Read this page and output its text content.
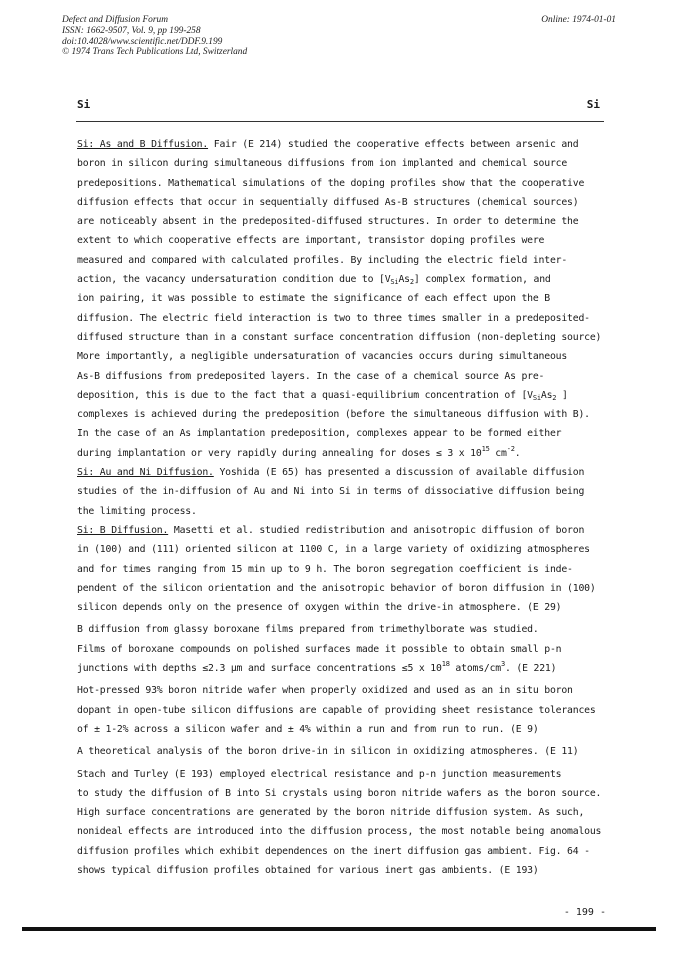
Defect and Diffusion Forum
ISSN: 1662-9507, Vol. 9, pp 199-258
doi:10.4028/www.scientific.net/DDF.9.199
© 1974 Trans Tech Publications Ltd, Switzerland
Online: 1974-01-01
Si	Si

Si: As and B Diffusion. Fair (E 214) studied the cooperative effects between arsenic and

boron in silicon during simultaneous diffusions from ion implanted and chemical source

predepositions. Mathematical simulations of the doping profiles show that the cooperative

diffusion effects that occur in sequentially diffused As-B structures (chemical sources)

are noticeably absent in the predeposited-diffused structures. In order to determine the

extent to which cooperative effects are important, transistor doping profiles were

measured and compared with calculated profiles. By including the electric field inter-

action, the vacancy undersaturation condition due to $[V_{Si}As_2]$ complex formation, and

ion pairing, it was possible to estimate the significance of each effect upon the B

diffusion. The electric field interaction is two to three times smaller in a predeposited-

diffused structure than in a constant surface concentration diffusion (non-depleting source)

More importantly, a negligible undersaturation of vacancies occurs during simultaneous

As-B diffusions from predeposited layers. In the case of a chemical source As pre-

deposition, this is due to the fact that a quasi-equilibrium concentration of [$V_{Si}As_2$ ]

complexes is achieved during the predeposition (before the simultaneous diffusion with B).

In the case of an As implantation predeposition, complexes appear to be formed either

during implantation or very rapidly during annealing for doses ≤ 3 x $10^{15}$ $cm^{-2}$.

Si: Au and Ni Diffusion. Yoshida (E 65) has presented a discussion of available diffusion

studies of the in-diffusion of Au and Ni into Si in terms of dissociative diffusion being

the limiting process.

Si: B Diffusion. Masetti et al. studied redistribution and anisotropic diffusion of boron

in (100) and (111) oriented silicon at 1100 C, in a large variety of oxidizing atmospheres

and for times ranging from 15 min up to 9 h. The boron segregation coefficient is inde-

pendent of the silicon orientation and the anisotropic behavior of boron diffusion in (100)

silicon depends only on the presence of oxygen within the drive-in atmosphere. (E 29)

B diffusion from glassy boroxane films prepared from trimethylborate was studied.

Films of boroxane compounds on polished surfaces made it possible to obtain small p-n

junctions with depths ≤2.3 µm and surface concentrations ≤5 x $10^{18}$ atoms/$cm^3$. (E 221)

Hot-pressed 93% boron nitride wafer when properly oxidized and used as an in situ boron

dopant in open-tube silicon diffusions are capable of providing sheet resistance tolerances

of ± 1-2% across a silicon wafer and ± 4% within a run and from run to run. (E 9)

A theoretical analysis of the boron drive-in in silicon in oxidizing atmospheres. (E 11)

Stach and Turley (E 193) employed electrical resistance and p-n junction measurements

to study the diffusion of B into Si crystals using boron nitride wafers as the boron source.

High surface concentrations are generated by the boron nitride diffusion system. As such,

nonideal effects are introduced into the diffusion process, the most notable being anomalous

diffusion profiles which exhibit dependences on the inert diffusion gas ambient. Fig. 64 -

shows typical diffusion profiles obtained for various inert gas ambients. (E 193)

- 199 -
